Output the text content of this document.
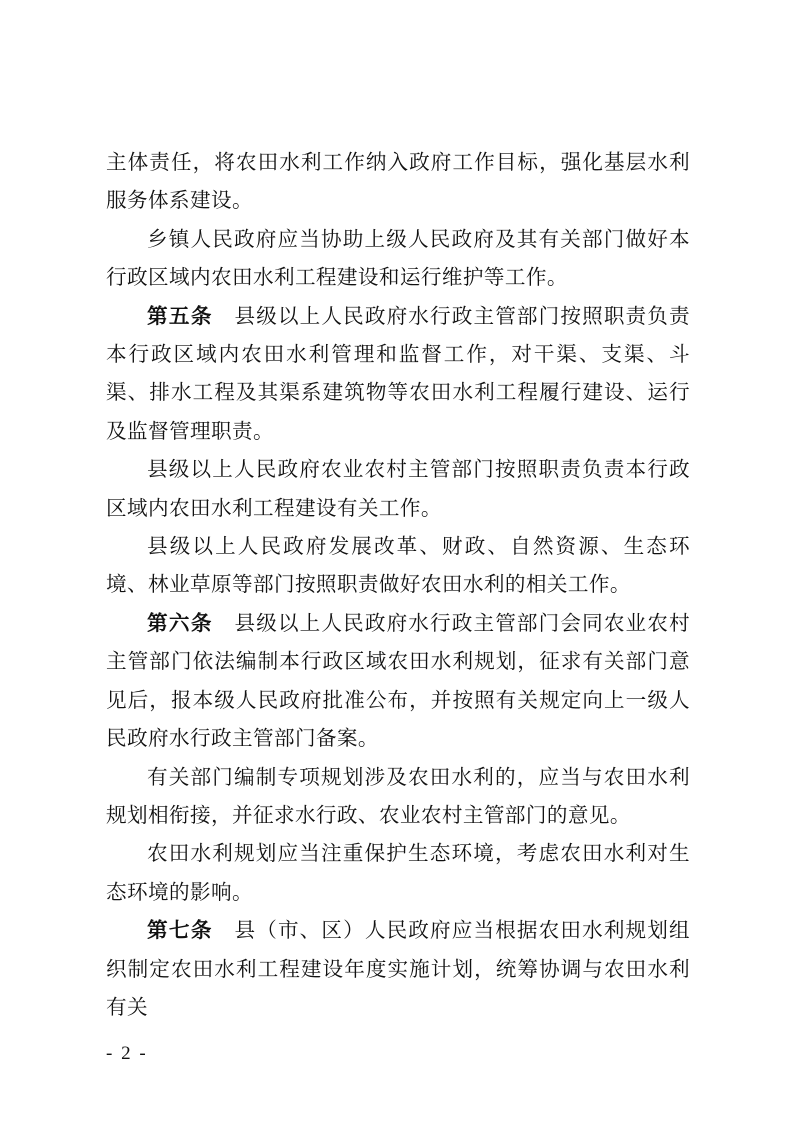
主体责任，将农田水利工作纳入政府工作目标，强化基层水利服务体系建设。

乡镇人民政府应当协助上级人民政府及其有关部门做好本行政区域内农田水利工程建设和运行维护等工作。

第五条　县级以上人民政府水行政主管部门按照职责负责本行政区域内农田水利管理和监督工作，对干渠、支渠、斗渠、排水工程及其渠系建筑物等农田水利工程履行建设、运行及监督管理职责。

县级以上人民政府农业农村主管部门按照职责负责本行政区域内农田水利工程建设有关工作。

县级以上人民政府发展改革、财政、自然资源、生态环境、林业草原等部门按照职责做好农田水利的相关工作。

第六条　县级以上人民政府水行政主管部门会同农业农村主管部门依法编制本行政区域农田水利规划，征求有关部门意见后，报本级人民政府批准公布，并按照有关规定向上一级人民政府水行政主管部门备案。

有关部门编制专项规划涉及农田水利的，应当与农田水利规划相衔接，并征求水行政、农业农村主管部门的意见。

农田水利规划应当注重保护生态环境，考虑农田水利对生态环境的影响。

第七条　县（市、区）人民政府应当根据农田水利规划组织制定农田水利工程建设年度实施计划，统筹协调与农田水利有关

- 2 -
